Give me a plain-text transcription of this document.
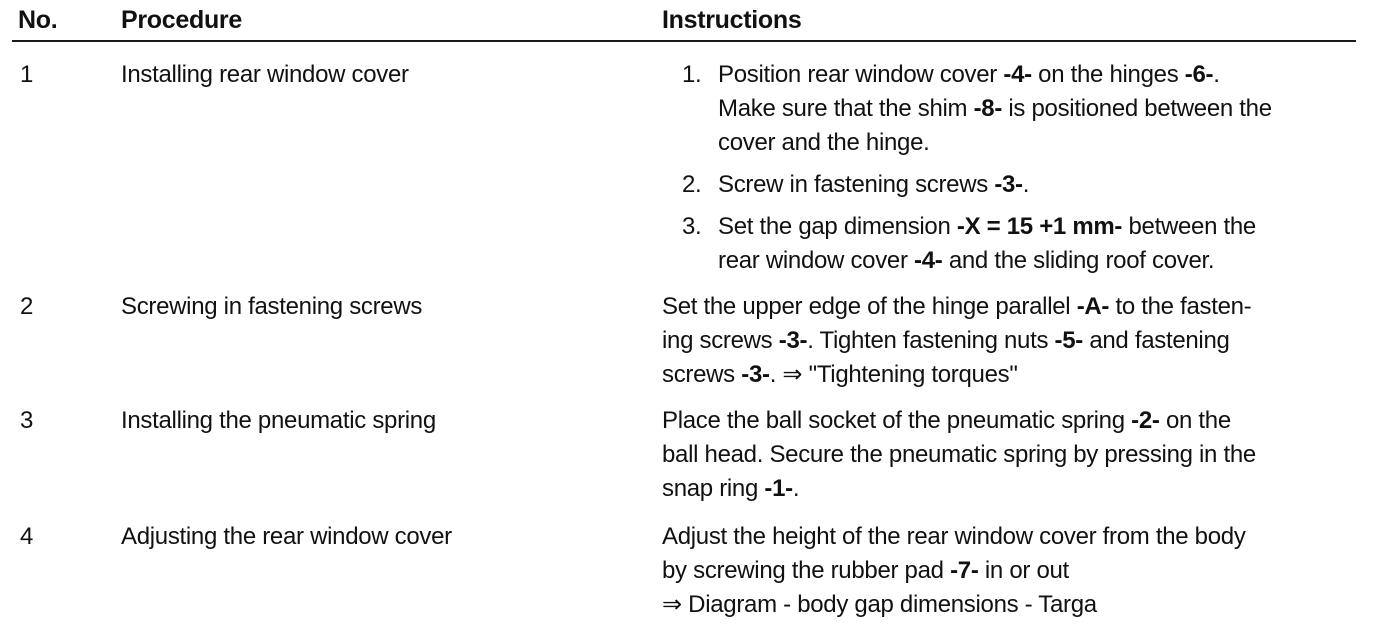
No.	Procedure	Instructions
1	Installing rear window cover	1. Position rear window cover -4- on the hinges -6-.
Make sure that the shim -8- is positioned between the
cover and the hinge.
2. Screw in fastening screws -3-.
3. Set the gap dimension -X = 15 +1 mm- between the
rear window cover -4- and the sliding roof cover.
2	Screwing in fastening screws	Set the upper edge of the hinge parallel -A- to the fasten-

ing screws -3-. Tighten fastening nuts -5- and fastening

screws -3-. ⇒ "Tightening torques"

3	Installing the pneumatic spring	Place the ball socket of the pneumatic spring -2- on the

ball head. Secure the pneumatic spring by pressing in the

snap ring -1-.

4	Adjusting the rear window cover	Adjust the height of the rear window cover from the body

by screwing the rubber pad -7- in or out

⇒ Diagram - body gap dimensions - Targa
